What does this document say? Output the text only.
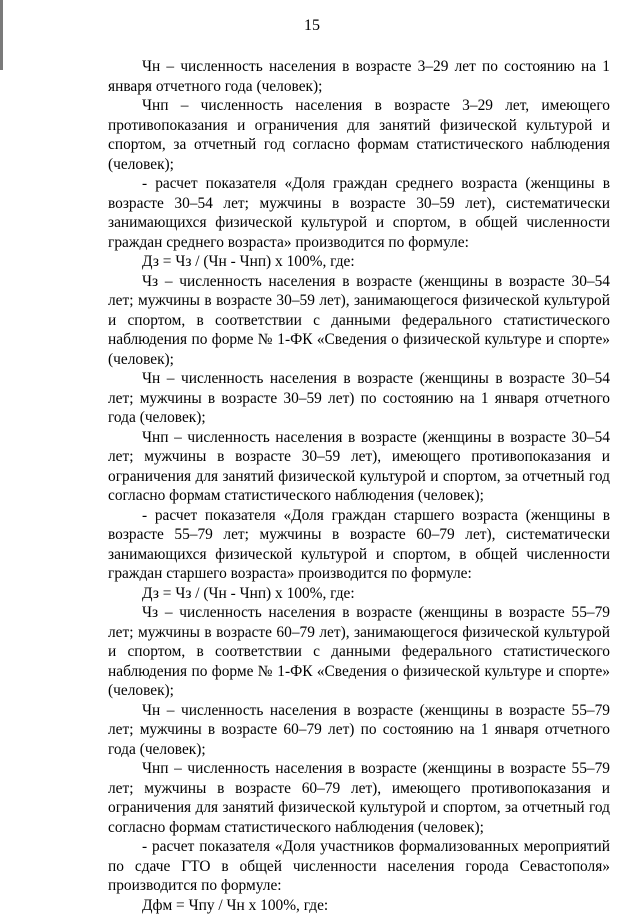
15

Чн – численность населения в возрасте 3–29 лет по состоянию на 1 января отчетного года (человек);

Чнп – численность населения в возрасте 3–29 лет, имеющего противопоказания и ограничения для занятий физической культурой и спортом, за отчетный год согласно формам статистического наблюдения (человек);

- расчет показателя «Доля граждан среднего возраста (женщины в возрасте 30–54 лет; мужчины в возрасте 30–59 лет), систематически занимающихся физической культурой и спортом, в общей численности граждан среднего возраста» производится по формуле:

Дз = Чз / (Чн - Чнп) х 100%, где:

Чз – численность населения в возрасте (женщины в возрасте 30–54 лет; мужчины в возрасте 30–59 лет), занимающегося физической культурой и спортом, в соответствии с данными федерального статистического наблюдения по форме № 1-ФК «Сведения о физической культуре и спорте» (человек);

Чн – численность населения в возрасте (женщины в возрасте 30–54 лет; мужчины в возрасте 30–59 лет) по состоянию на 1 января отчетного года (человек);

Чнп – численность населения в возрасте (женщины в возрасте 30–54 лет; мужчины в возрасте 30–59 лет), имеющего противопоказания и ограничения для занятий физической культурой и спортом, за отчетный год согласно формам статистического наблюдения (человек);

- расчет показателя «Доля граждан старшего возраста (женщины в возрасте 55–79 лет; мужчины в возрасте 60–79 лет), систематически занимающихся физической культурой и спортом, в общей численности граждан старшего возраста» производится по формуле:

Дз = Чз / (Чн - Чнп) х 100%, где:

Чз – численность населения в возрасте (женщины в возрасте 55–79 лет; мужчины в возрасте 60–79 лет), занимающегося физической культурой и спортом, в соответствии с данными федерального статистического наблюдения по форме № 1-ФК «Сведения о физической культуре и спорте» (человек);

Чн – численность населения в возрасте (женщины в возрасте 55–79 лет; мужчины в возрасте 60–79 лет) по состоянию на 1 января отчетного года (человек);

Чнп – численность населения в возрасте (женщины в возрасте 55–79 лет; мужчины в возрасте 60–79 лет), имеющего противопоказания и ограничения для занятий физической культурой и спортом, за отчетный год согласно формам статистического наблюдения (человек);

- расчет показателя «Доля участников формализованных мероприятий по сдаче ГТО в общей численности населения города Севастополя» производится по формуле:

Дфм = Чпу / Чн х 100%, где:
